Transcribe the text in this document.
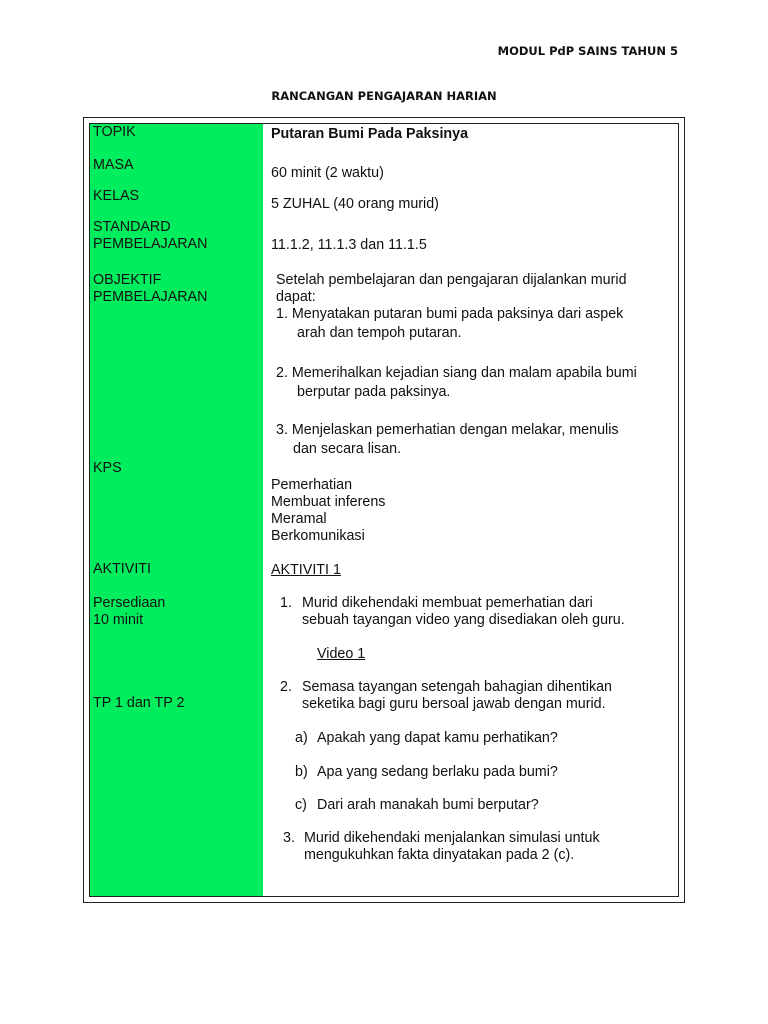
MODUL PdP SAINS TAHUN 5
RANCANGAN PENGAJARAN HARIAN
TOPIK
MASA
KELAS
STANDARD
PEMBELAJARAN
OBJEKTIF
PEMBELAJARAN
KPS
AKTIVITI
Persediaan
10 minit
TP 1 dan TP 2
Putaran Bumi Pada Paksinya
60 minit (2 waktu)
5 ZUHAL (40 orang murid)
11.1.2, 11.1.3 dan 11.1.5
Setelah pembelajaran dan pengajaran dijalankan murid
dapat:
1. Menyatakan putaran bumi pada paksinya dari aspek
arah dan tempoh putaran.
2. Memerihalkan kejadian siang dan malam apabila bumi
berputar pada paksinya.
3. Menjelaskan pemerhatian dengan melakar, menulis
dan secara lisan.
Pemerhatian
Membuat inferens
Meramal
Berkomunikasi
AKTIVITI 1
1. Murid dikehendaki membuat pemerhatian dari
sebuah tayangan video yang disediakan oleh guru.
Video 1
2. Semasa tayangan setengah bahagian dihentikan
seketika bagi guru bersoal jawab dengan murid.
a) Apakah yang dapat kamu perhatikan?
b) Apa yang sedang berlaku pada bumi?
c) Dari arah manakah bumi berputar?
3. Murid dikehendaki menjalankan simulasi untuk
mengukuhkan fakta dinyatakan pada 2 (c).
